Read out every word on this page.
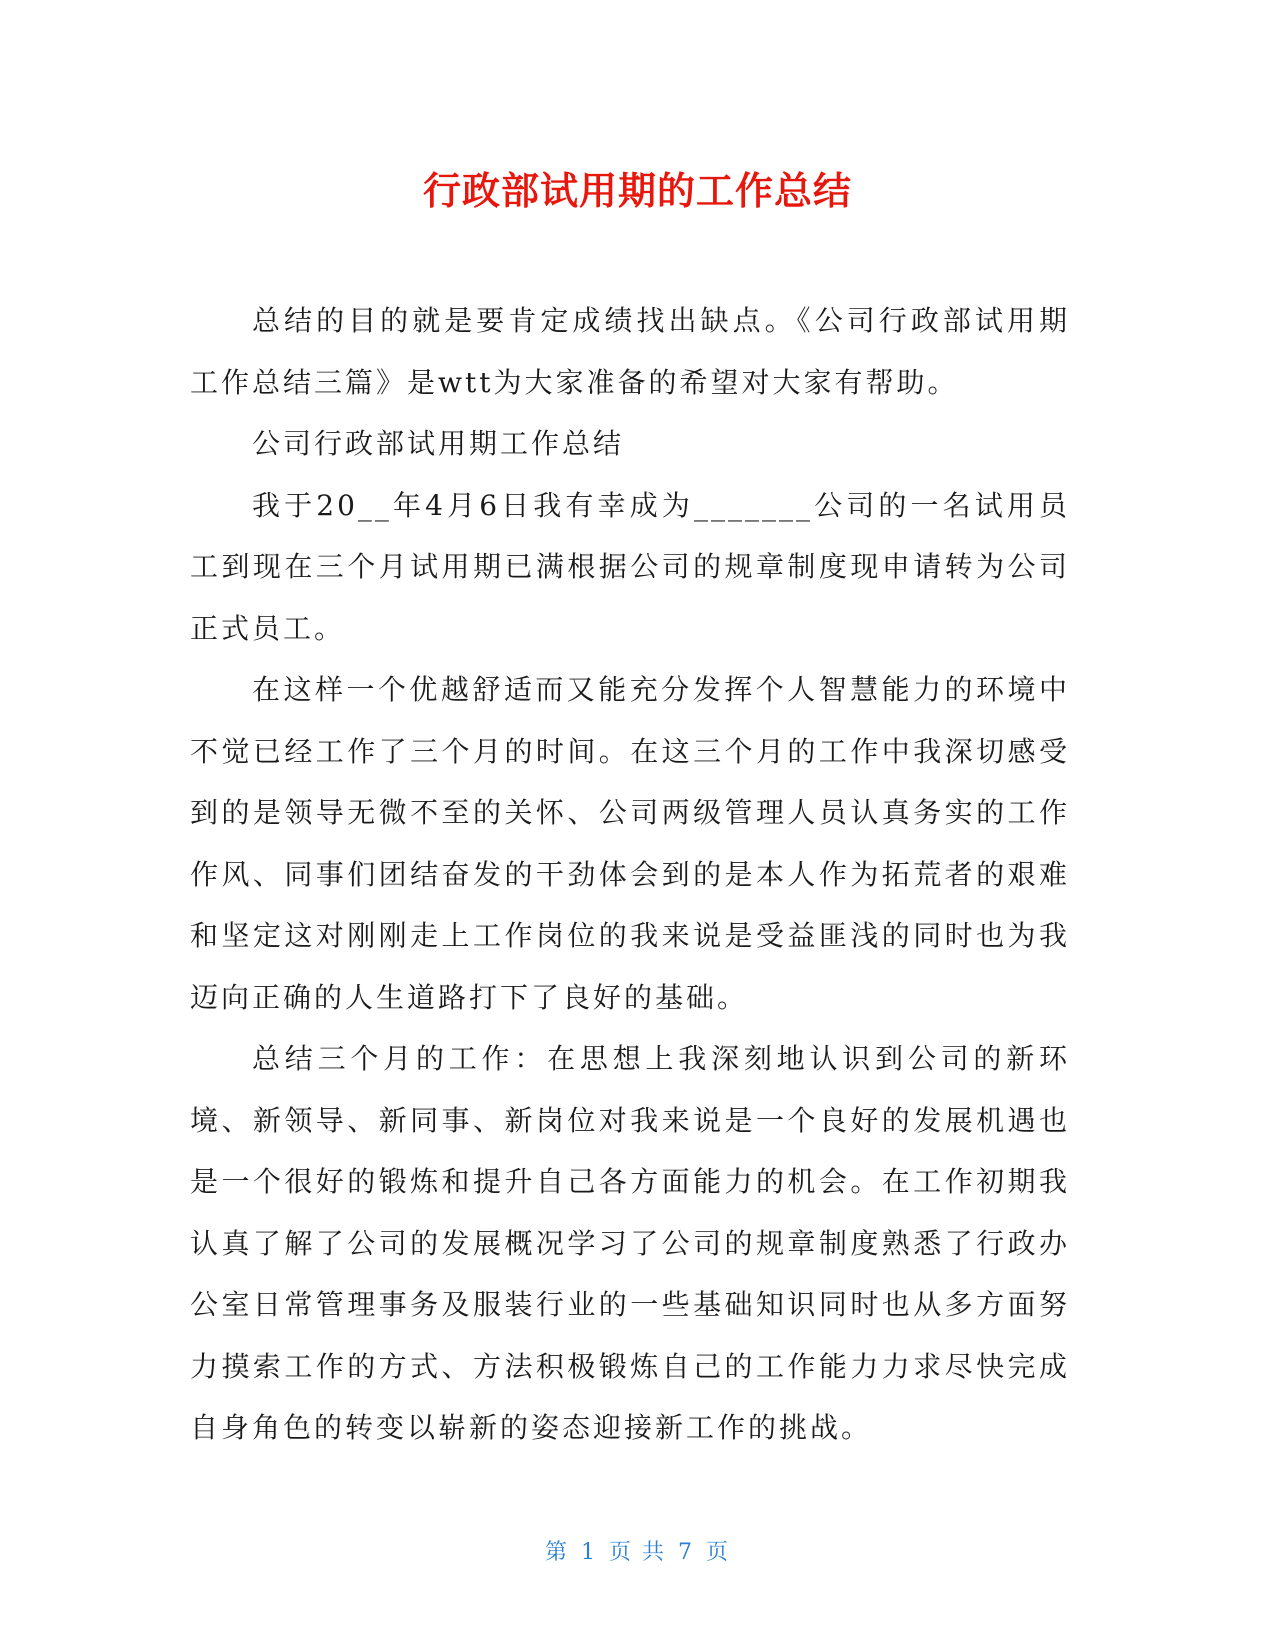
行政部试用期的工作总结

总结的目的就是要肯定成绩找出缺点。《公司行政部试用期工作总结三篇》是wtt为大家准备的希望对大家有帮助。

公司行政部试用期工作总结

我于20__年4月6日我有幸成为_______公司的一名试用员工到现在三个月试用期已满根据公司的规章制度现申请转为公司正式员工。

在这样一个优越舒适而又能充分发挥个人智慧能力的环境中不觉已经工作了三个月的时间。在这三个月的工作中我深切感受到的是领导无微不至的关怀、公司两级管理人员认真务实的工作作风、同事们团结奋发的干劲体会到的是本人作为拓荒者的艰难和坚定这对刚刚走上工作岗位的我来说是受益匪浅的同时也为我迈向正确的人生道路打下了良好的基础。

总结三个月的工作：在思想上我深刻地认识到公司的新环境、新领导、新同事、新岗位对我来说是一个良好的发展机遇也是一个很好的锻炼和提升自己各方面能力的机会。在工作初期我认真了解了公司的发展概况学习了公司的规章制度熟悉了行政办公室日常管理事务及服装行业的一些基础知识同时也从多方面努力摸索工作的方式、方法积极锻炼自己的工作能力力求尽快完成自身角色的转变以崭新的姿态迎接新工作的挑战。

第 1 页 共 7 页
